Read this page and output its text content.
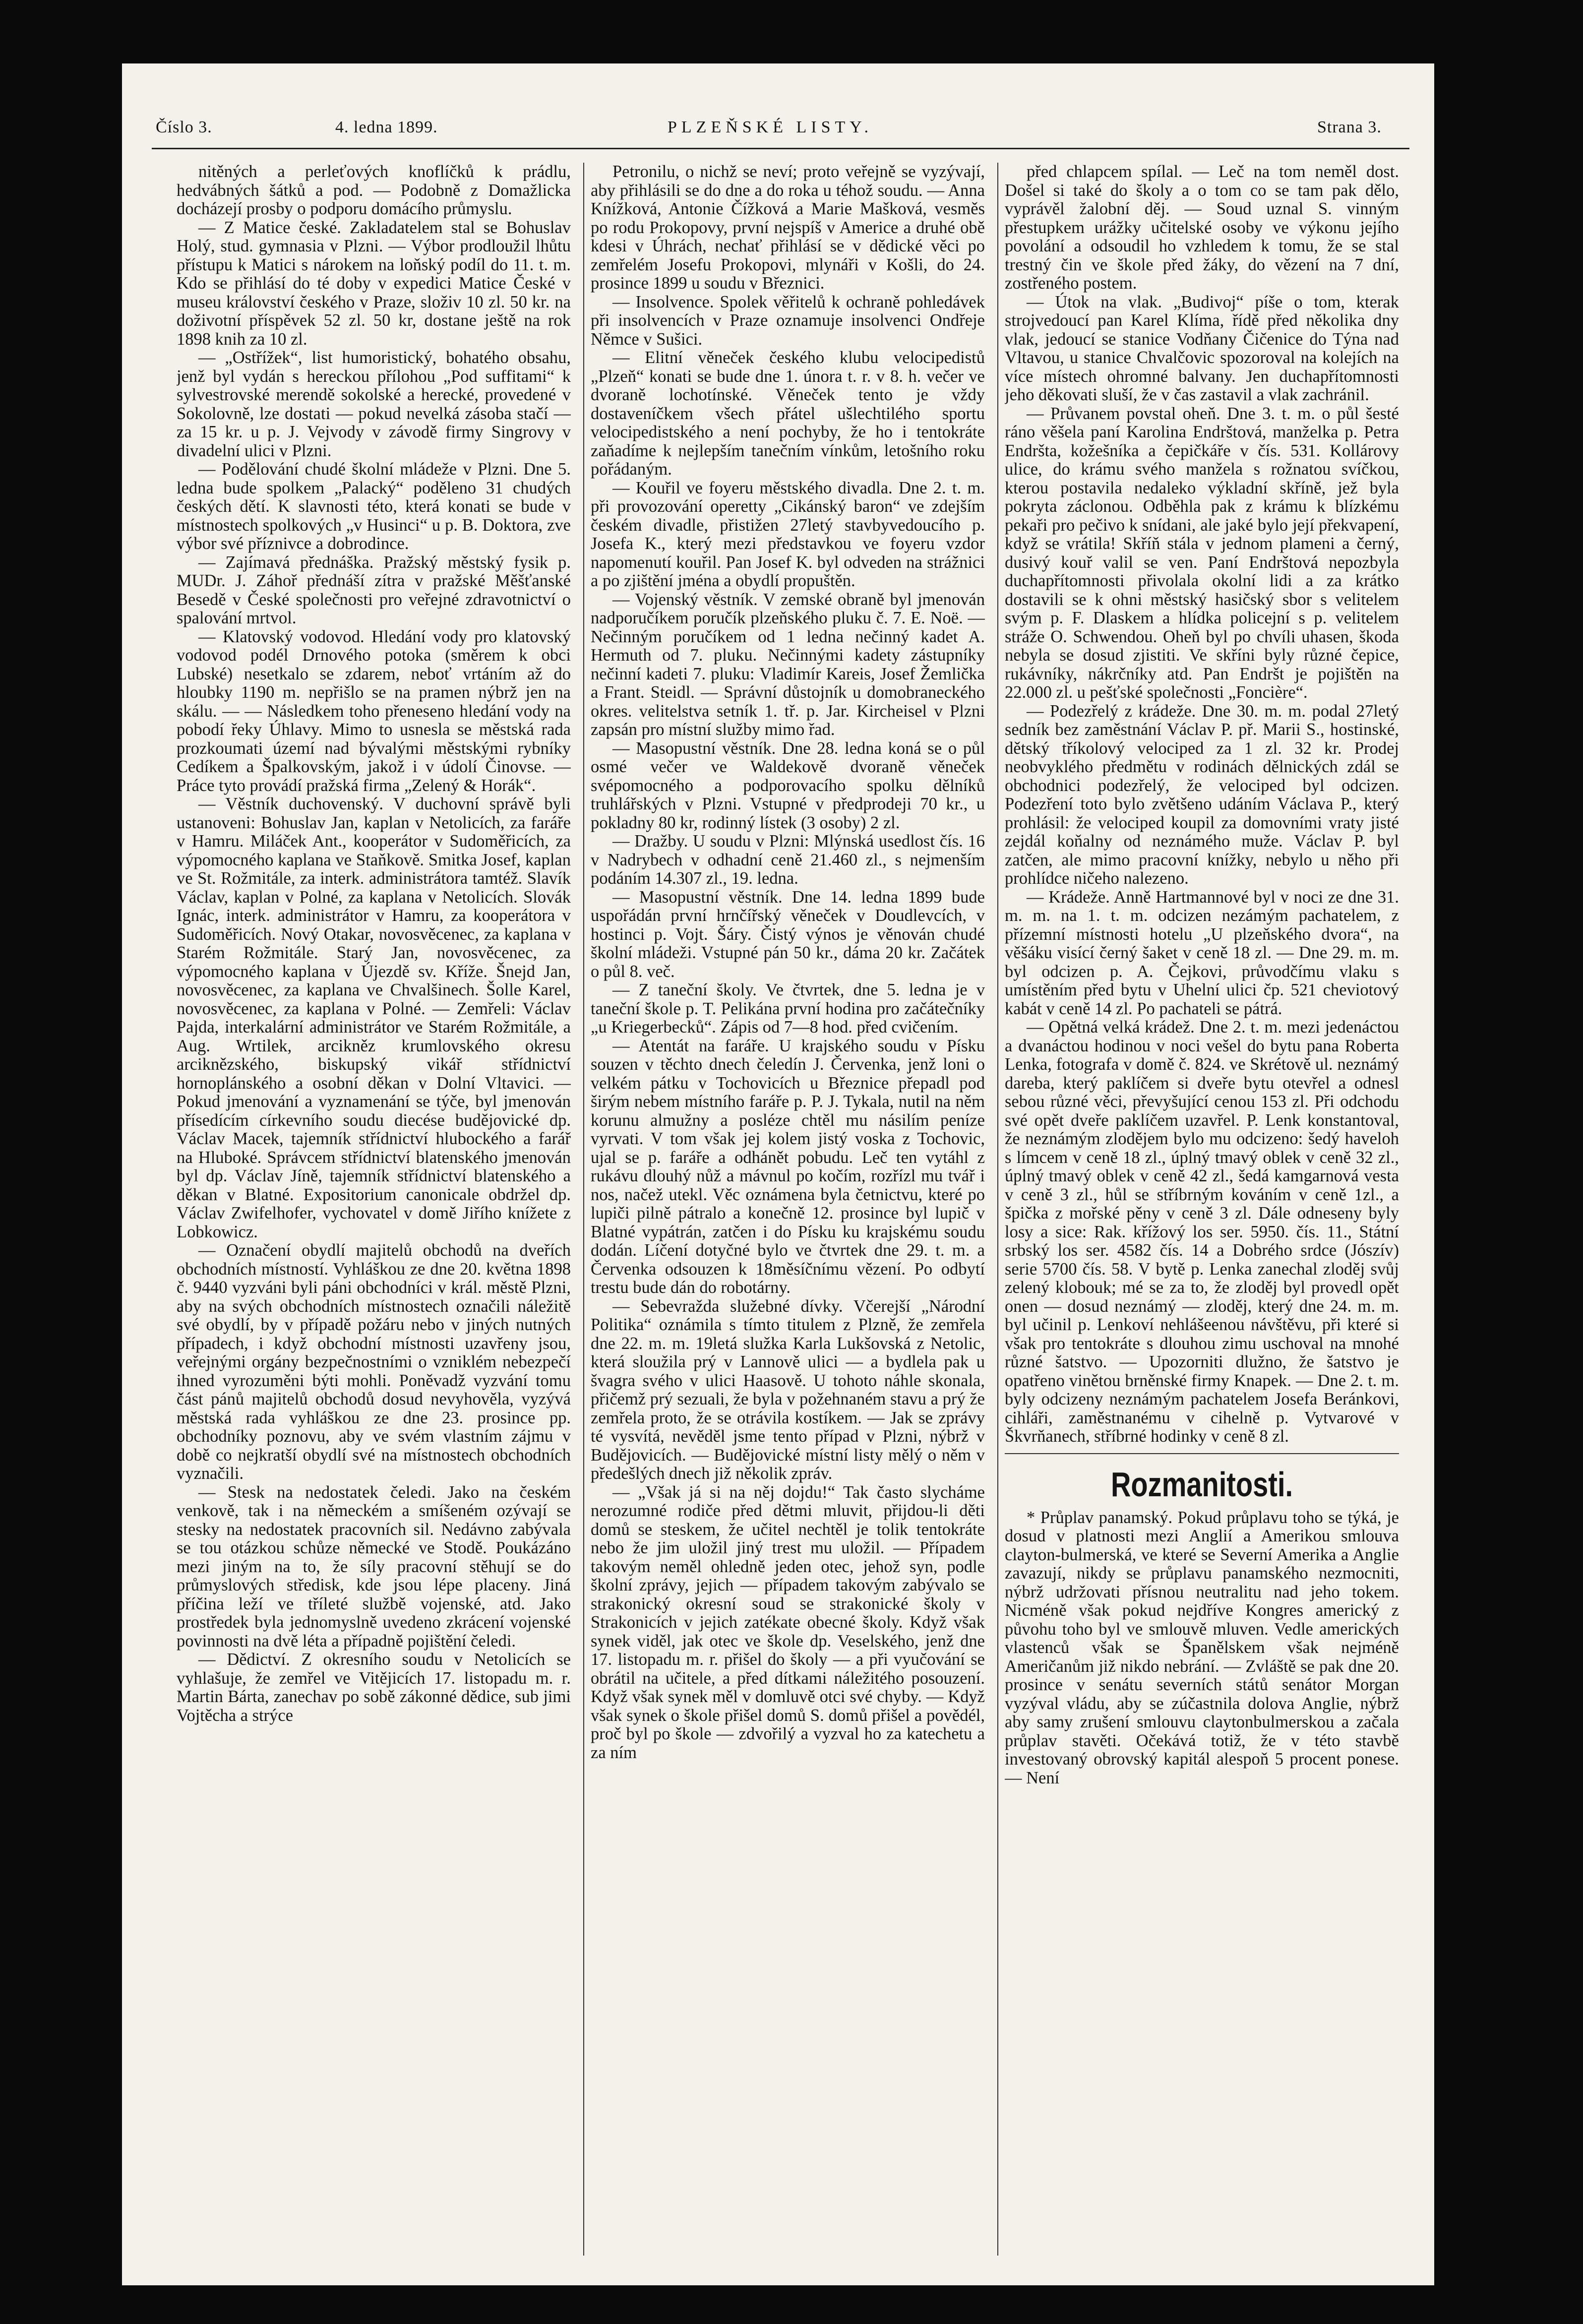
Číslo 3.	4. ledna 1899.	PLZEŇSKÉ LISTY.	Strana 3.

nitěných a perleťových knoflíčků k prádlu, hedvábných šátků a pod. — Podobně z Domažlicka docházejí prosby o podporu domácího průmyslu.

— Z Matice české. Zakladatelem stal se Bohuslav Holý, stud. gymnasia v Plzni. — Výbor prodloužil lhůtu přístupu k Matici s nárokem na loňský podíl do 11. t. m. Kdo se přihlásí do té doby v expedici Matice České v museu království českého v Praze, složiv 10 zl. 50 kr. na doživotní příspěvek 52 zl. 50 kr, dostane ještě na rok 1898 knih za 10 zl.

— „Ostřížek“, list humoristický, bohatého obsahu, jenž byl vydán s hereckou přílohou „Pod suffitami“ k sylvestrovské merendě sokolské a herecké, provedené v Sokolovně, lze dostati — pokud nevelká zásoba stačí — za 15 kr. u p. J. Vejvody v závodě firmy Singrovy v divadelní ulici v Plzni.

— Podělování chudé školní mládeže v Plzni. Dne 5. ledna bude spolkem „Palacký“ poděleno 31 chudých českých dětí. K slavnosti této, která konati se bude v místnostech spolkových „v Husinci“ u p. B. Doktora, zve výbor své příznivce a dobrodince.

— Zajímavá přednáška. Pražský městský fysik p. MUDr. J. Záhoř přednáší zítra v pražské Měšťanské Besedě v České společnosti pro veřejné zdravotnictví o spalování mrtvol.

— Klatovský vodovod. Hledání vody pro klatovský vodovod podél Drnového potoka (směrem k obci Lubské) nesetkalo se zdarem, neboť vrtáním až do hloubky 1190 m. nepřišlo se na pramen nýbrž jen na skálu. — — Následkem toho přeneseno hledání vody na pobodí řeky Úhlavy. Mimo to usnesla se městská rada prozkoumati území nad bývalými městskými rybníky Cedíkem a Špalkovským, jakož i v údolí Činovse. — Práce tyto provádí pražská firma „Zelený & Horák“.

— Věstník duchovenský. V duchovní správě byli ustanoveni: Bohuslav Jan, kaplan v Netolicích, za faráře v Hamru. Miláček Ant., kooperátor v Sudoměřicích, za výpomocného kaplana ve Staňkově. Smitka Josef, kaplan ve St. Rožmitále, za interk. administrátora tamtéž. Slavík Václav, kaplan v Polné, za kaplana v Netolicích. Slovák Ignác, interk. administrátor v Hamru, za kooperátora v Sudoměřicích. Nový Otakar, novosvěcenec, za kaplana v Starém Rožmitále. Starý Jan, novosvěcenec, za výpomocného kaplana v Újezdě sv. Kříže. Šnejd Jan, novosvěcenec, za kaplana ve Chvalšinech. Šolle Karel, novosvěcenec, za kaplana v Polné. — Zemřeli: Václav Pajda, interkalární administrátor ve Starém Rožmitále, a Aug. Wrtilek, arcikněz krumlovského okresu arciknězského, biskupský vikář střídnictví hornoplánského a osobní děkan v Dolní Vltavici. — Pokud jmenování a vyznamenání se týče, byl jmenován přísedícím církevního soudu diecése budějovické dp. Václav Macek, tajemník střídnictví hlubockého a farář na Hluboké. Správcem střídnictví blatenského jmenován byl dp. Václav Jíně, tajemník střídnictví blatenského a děkan v Blatné. Expositorium canonicale obdržel dp. Václav Zwifelhofer, vychovatel v domě Jiřího knížete z Lobkowicz.

— Označení obydlí majitelů obchodů na dveřích obchodních místností. Vyhláškou ze dne 20. května 1898 č. 9440 vyzváni byli páni obchodníci v král. městě Plzni, aby na svých obchodních místnostech označili náležitě své obydlí, by v případě požáru nebo v jiných nutných případech, i když obchodní místnosti uzavřeny jsou, veřejnými orgány bezpečnostními o vzniklém nebezpečí ihned vyrozuměni býti mohli. Poněvadž vyzvání tomu část pánů majitelů obchodů dosud nevyhověla, vyzývá městská rada vyhláškou ze dne 23. prosince pp. obchodníky poznovu, aby ve svém vlastním zájmu v době co nejkratší obydlí své na místnostech obchodních vyznačili.

— Stesk na nedostatek čeledi. Jako na českém venkově, tak i na německém a smíšeném ozývají se stesky na nedostatek pracovních sil. Nedávno zabývala se tou otázkou schůze německé ve Stodě. Poukázáno mezi jiným na to, že síly pracovní stěhují se do průmyslových středisk, kde jsou lépe placeny. Jiná příčina leží ve tříleté službě vojenské, atd. Jako prostředek byla jednomyslně uvedeno zkrácení vojenské povinnosti na dvě léta a případně pojištění čeledi.

— Dědictví. Z okresního soudu v Netolicích se vyhlašuje, že zemřel ve Vitějicích 17. listopadu m. r. Martin Bárta, zanechav po sobě zákonné dědice, sub jimi Vojtěcha a strýce

Petronilu, o nichž se neví; proto veřejně se vyzývají, aby přihlásili se do dne a do roka u téhož soudu. — Anna Knížková, Antonie Čížková a Marie Mašková, vesměs po rodu Prokopovy, první nejspíš v Americe a druhé obě kdesi v Úhrách, nechať přihlásí se v dědické věci po zemřelém Josefu Prokopovi, mlynáři v Košli, do 24. prosince 1899 u soudu v Březnici.

— Insolvence. Spolek věřitelů k ochraně pohledávek při insolvencích v Praze oznamuje insolvenci Ondřeje Němce v Sušici.

— Elitní věneček českého klubu velocipedistů „Plzeň“ konati se bude dne 1. února t. r. v 8. h. večer ve dvoraně lochotínské. Věneček tento je vždy dostaveníčkem všech přátel ušlechtilého sportu velocipedistského a není pochyby, že ho i tentokráte zaňadíme k nejlepším tanečním vínkům, letošního roku pořádaným.

— Kouřil ve foyeru městského divadla. Dne 2. t. m. při provozování operetty „Cikánský baron“ ve zdejším českém divadle, přistižen 27letý stavbyvedoucího p. Josefa K., který mezi představkou ve foyeru vzdor napomenutí kouřil. Pan Josef K. byl odveden na strážnici a po zjištění jména a obydlí propuštěn.

— Vojenský věstník. V zemské obraně byl jmenován nadporučíkem poručík plzeňského pluku č. 7. E. Noë. — Nečinným poručíkem od 1 ledna nečinný kadet A. Hermuth od 7. pluku. Nečinnými kadety zástupníky nečinní kadeti 7. pluku: Vladimír Kareis, Josef Žemlička a Frant. Steidl. — Správní důstojník u domobraneckého okres. velitelstva setník 1. tř. p. Jar. Kircheisel v Plzni zapsán pro místní služby mimo řad.

— Masopustní věstník. Dne 28. ledna koná se o půl osmé večer ve Waldekově dvoraně věneček svépomocného a podporovacího spolku dělníků truhlářských v Plzni. Vstupné v předprodeji 70 kr., u pokladny 80 kr, rodinný lístek (3 osoby) 2 zl.

— Dražby. U soudu v Plzni: Mlýnská usedlost čís. 16 v Nadrybech v odhadní ceně 21.460 zl., s nejmenším podáním 14.307 zl., 19. ledna.

— Masopustní věstník. Dne 14. ledna 1899 bude uspořádán první hrnčířský věneček v Doudlevcích, v hostinci p. Vojt. Šáry. Čistý výnos je věnován chudé školní mládeži. Vstupné pán 50 kr., dáma 20 kr. Začátek o půl 8. več.

— Z taneční školy. Ve čtvrtek, dne 5. ledna je v taneční škole p. T. Pelikána první hodina pro začátečníky „u Kriegerbecků“. Zápis od 7—8 hod. před cvičením.

— Atentát na faráře. U krajského soudu v Písku souzen v těchto dnech čeledín J. Červenka, jenž loni o velkém pátku v Tochovicích u Březnice přepadl pod širým nebem místního faráře p. P. J. Tykala, nutil na něm korunu almužny a posléze chtěl mu násilím peníze vyrvati. V tom však jej kolem jistý voska z Tochovic, ujal se p. faráře a odhánět pobudu. Leč ten vytáhl z rukávu dlouhý nůž a mávnul po kočím, rozřízl mu tvář i nos, načež utekl. Věc oznámena byla četnictvu, které po lupiči pilně pátralo a konečně 12. prosince byl lupič v Blatné vypátrán, zatčen i do Písku ku krajskému soudu dodán. Líčení dotyčné bylo ve čtvrtek dne 29. t. m. a Červenka odsouzen k 18měsíčnímu vězení. Po odbytí trestu bude dán do robotárny.

— Sebevražda služebné dívky. Včerejší „Národní Politika“ oznámila s tímto titulem z Plzně, že zemřela dne 22. m. m. 19letá služka Karla Lukšovská z Netolic, která sloužila prý v Lannově ulici — a bydlela pak u švagra svého v ulici Haasově. U tohoto náhle skonala, přičemž prý sezuali, že byla v požehnaném stavu a prý že zemřela proto, že se otrávila kostíkem. — Jak se zprávy té vysvítá, nevěděl jsme tento případ v Plzni, nýbrž v Budějovicích. — Budějovické místní listy mělý o něm v předešlých dnech již několik zpráv.

— „Však já si na něj dojdu!“ Tak často slycháme nerozumné rodiče před dětmi mluvit, přijdou-li děti domů se steskem, že učitel nechtěl je tolik tentokráte nebo že jim uložil jiný trest mu uložil. — Případem takovým neměl ohledně jeden otec, jehož syn, podle školní zprávy, jejich — případem takovým zabývalo se strakonický okresní soud se strakonické školy v Strakonicích v jejich zatékate obecné školy. Když však synek viděl, jak otec ve škole dp. Veselského, jenž dne 17. listopadu m. r. přišel do školy — a při vyučování se obrátil na učitele, a před dítkami náležitého posouzení. Když však synek měl v domluvě otci své chyby. — Když však synek o škole přišel domů S. domů přišel a povědél, proč byl po škole — zdvořilý a vyzval ho za katechetu a za ním

před chlapcem spílal. — Leč na tom neměl dost. Došel si také do školy a o tom co se tam pak dělo, vyprávěl žalobní děj. — Soud uznal S. vinným přestupkem urážky učitelské osoby ve výkonu jejího povolání a odsoudil ho vzhledem k tomu, že se stal trestný čin ve škole před žáky, do vězení na 7 dní, zostřeného postem.

— Útok na vlak. „Budivoj“ píše o tom, kterak strojvedoucí pan Karel Klíma, řídě před několika dny vlak, jedoucí se stanice Vodňany Čičenice do Týna nad Vltavou, u stanice Chvalčovic spozoroval na kolejích na více místech ohromné balvany. Jen duchapřítomnosti jeho děkovati sluší, že v čas zastavil a vlak zachránil.

— Průvanem povstal oheň. Dne 3. t. m. o půl šesté ráno věšela paní Karolina Endrštová, manželka p. Petra Endršta, kožešníka a čepičkáře v čís. 531. Kollárovy ulice, do krámu svého manžela s rožnatou svíčkou, kterou postavila nedaleko výkladní skříně, jež byla pokryta záclonou. Odběhla pak z krámu k blízkému pekaři pro pečivo k snídani, ale jaké bylo její překvapení, když se vrátila! Skříň stála v jednom plameni a černý, dusivý kouř valil se ven. Paní Endrštová nepozbyla duchapřítomnosti přivolala okolní lidi a za krátko dostavili se k ohni městský hasičský sbor s velitelem svým p. F. Dlaskem a hlídka policejní s p. velitelem stráže O. Schwendou. Oheň byl po chvíli uhasen, škoda nebyla se dosud zjistiti. Ve skříni byly různé čepice, rukávníky, nákrčníky atd. Pan Endršt je pojištěn na 22.000 zl. u pešťské společnosti „Foncière“.

— Podezřelý z krádeže. Dne 30. m. m. podal 27letý sedník bez zaměstnání Václav P. př. Marii S., hostinské, dětský tříkolový velociped za 1 zl. 32 kr. Prodej neobvyklého předmětu v rodinách dělnických zdál se obchodnici podezřelý, že velociped byl odcizen. Podezření toto bylo zvětšeno udáním Václava P., který prohlásil: že velociped koupil za domovními vraty jisté zejdál koňalny od neznámého muže. Václav P. byl zatčen, ale mimo pracovní knížky, nebylo u něho při prohlídce ničeho nalezeno.

— Krádeže. Anně Hartmannové byl v noci ze dne 31. m. m. na 1. t. m. odcizen nezámým pachatelem, z přízemní místnosti hotelu „U plzeňského dvora“, na věšáku visící černý šaket v ceně 18 zl. — Dne 29. m. m. byl odcizen p. A. Čejkovi, průvodčímu vlaku s umístěním před bytu v Uhelní ulici čp. 521 cheviotový kabát v ceně 14 zl. Po pachateli se pátrá.

— Opětná velká krádež. Dne 2. t. m. mezi jedenáctou a dvanáctou hodinou v noci vešel do bytu pana Roberta Lenka, fotografa v domě č. 824. ve Skrétově ul. neznámý dareba, který paklíčem si dveře bytu otevřel a odnesl sebou různé věci, převyšující cenou 153 zl. Při odchodu své opět dveře paklíčem uzavřel. P. Lenk konstantoval, že neznámým zlodějem bylo mu odcizeno: šedý haveloh s límcem v ceně 18 zl., úplný tmavý oblek v ceně 32 zl., úplný tmavý oblek v ceně 42 zl., šedá kamgarnová vesta v ceně 3 zl., hůl se stříbrným kováním v ceně 1zl., a špička z mořské pěny v ceně 3 zl. Dále odneseny byly losy a sice: Rak. křížový los ser. 5950. čís. 11., Státní srbský los ser. 4582 čís. 14 a Dobrého srdce (Jószív) serie 5700 čís. 58. V bytě p. Lenka zanechal zloděj svůj zelený klobouk; mé se za to, že zloděj byl provedl opět onen — dosud neznámý — zloděj, který dne 24. m. m. byl učinil p. Lenkoví nehlášeenou návštěvu, při které si však pro tentokráte s dlouhou zimu uschoval na mnohé různé šatstvo. — Upozorniti dlužno, že šatstvo je opatřeno vinětou brněnské firmy Knapek. — Dne 2. t. m. byly odcizeny neznámým pachatelem Josefa Beránkovi, cihláři, zaměstnanému v cihelně p. Vytvarové v Škvrňanech, stříbrné hodinky v ceně 8 zl.

Rozmanitosti.

* Průplav panamský. Pokud průplavu toho se týká, je dosud v platnosti mezi Anglií a Amerikou smlouva clayton-bulmerská, ve které se Severní Amerika a Anglie zavazují, nikdy se průplavu panamského nezmocniti, nýbrž udržovati přísnou neutralitu nad jeho tokem. Nicméně však pokud nejdříve Kongres americký z půvohu toho byl ve smlouvě mluven. Vedle amerických vlastenců však se Španělskem však nejméně Američanům již nikdo nebrání. — Zvláště se pak dne 20. prosince v senátu severních států senátor Morgan vyzýval vládu, aby se zúčastnila dolova Anglie, nýbrž aby samy zrušení smlouvu claytonbulmerskou a začala průplav stavěti. Očekává totiž, že v této stavbě investovaný obrovský kapitál alespoň 5 procent ponese. — Není
